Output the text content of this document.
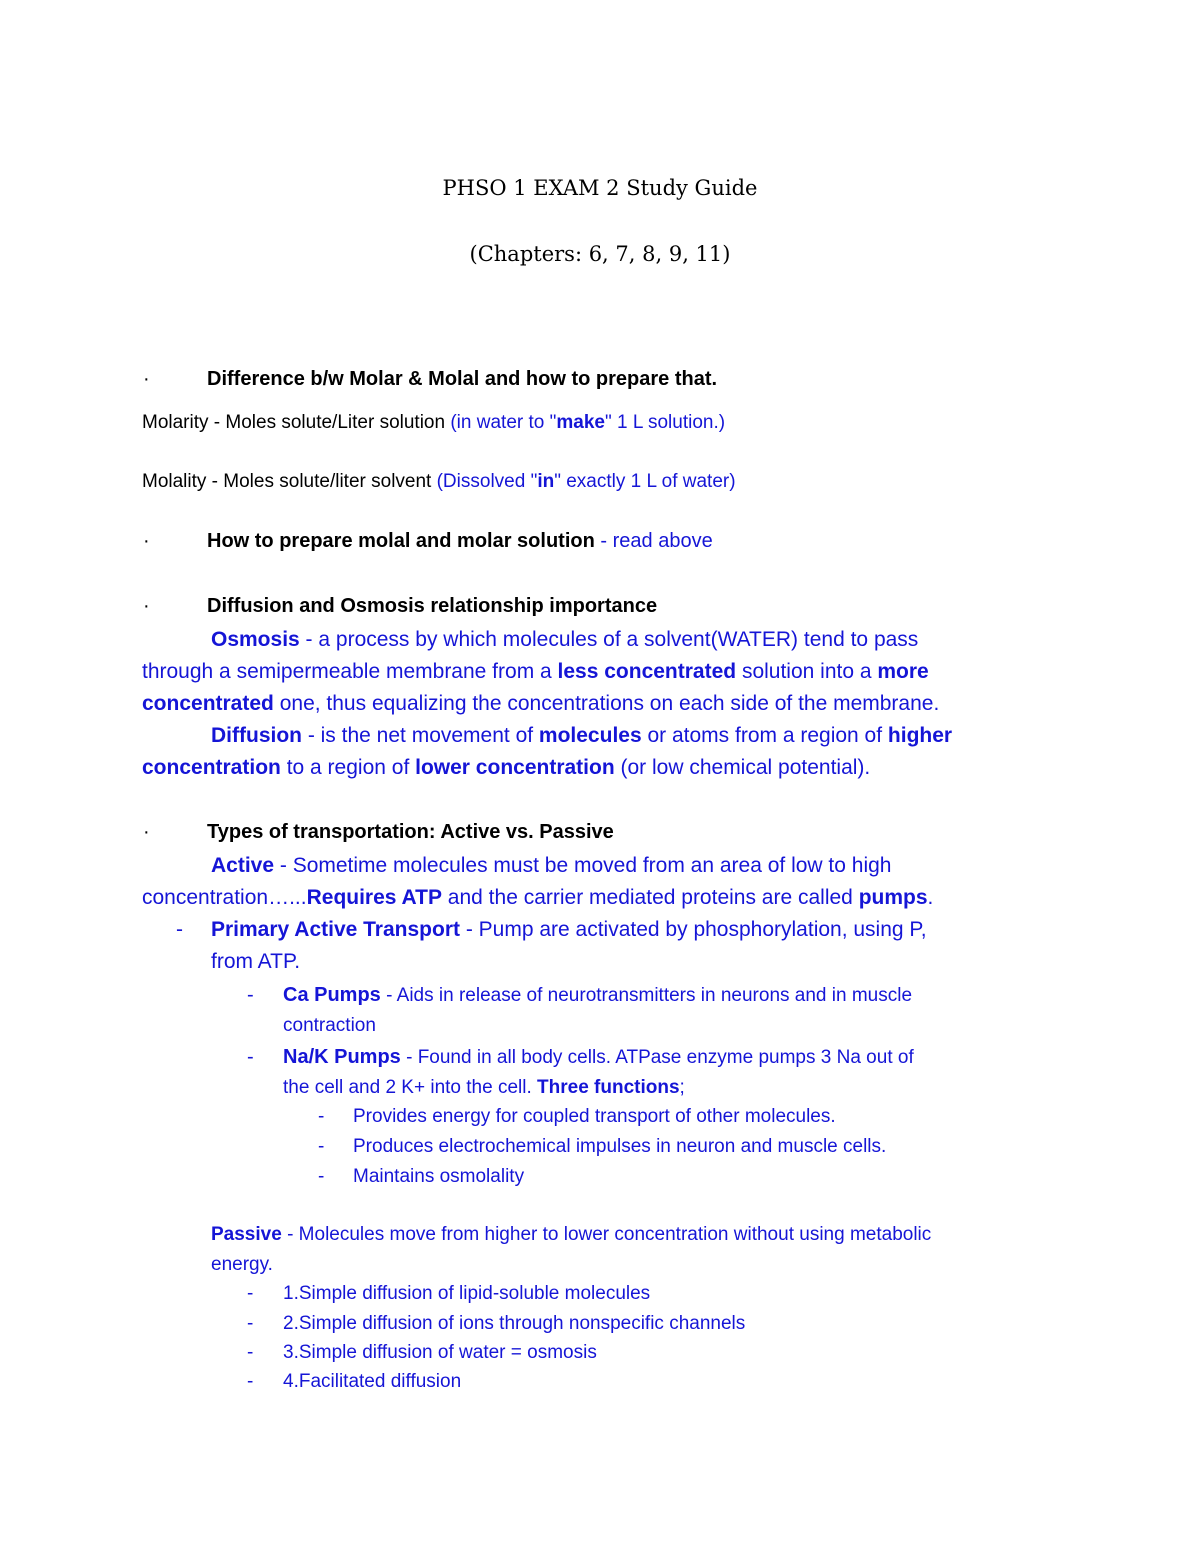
PHSO 1 EXAM 2 Study Guide
(Chapters: 6, 7, 8, 9, 11)
·	Difference b/w Molar & Molal and how to prepare that.
Molarity - Moles solute/Liter solution (in water to "make" 1 L solution.)
Molality - Moles solute/liter solvent (Dissolved "in" exactly 1 L of water)
·	How to prepare molal and molar solution - read above
·	Diffusion and Osmosis relationship importance
Osmosis - a process by which molecules of a solvent(WATER) tend to pass
through a semipermeable membrane from a less concentrated solution into a more
concentrated one, thus equalizing the concentrations on each side of the membrane.
Diffusion - is the net movement of molecules or atoms from a region of higher
concentration to a region of lower concentration (or low chemical potential).
·	Types of transportation: Active vs. Passive
Active - Sometime molecules must be moved from an area of low to high
concentration…...Requires ATP and the carrier mediated proteins are called pumps.
- Primary Active Transport - Pump are activated by phosphorylation, using P,
from ATP.
- Ca Pumps - Aids in release of neurotransmitters in neurons and in muscle
contraction
- Na/K Pumps - Found in all body cells. ATPase enzyme pumps 3 Na out of
the cell and 2 K+ into the cell. Three functions;
- Provides energy for coupled transport of other molecules.
- Produces electrochemical impulses in neuron and muscle cells.
- Maintains osmolality
Passive - Molecules move from higher to lower concentration without using metabolic
energy.
- 1.Simple diffusion of lipid-soluble molecules
- 2.Simple diffusion of ions through nonspecific channels
- 3.Simple diffusion of water = osmosis
- 4.Facilitated diffusion
